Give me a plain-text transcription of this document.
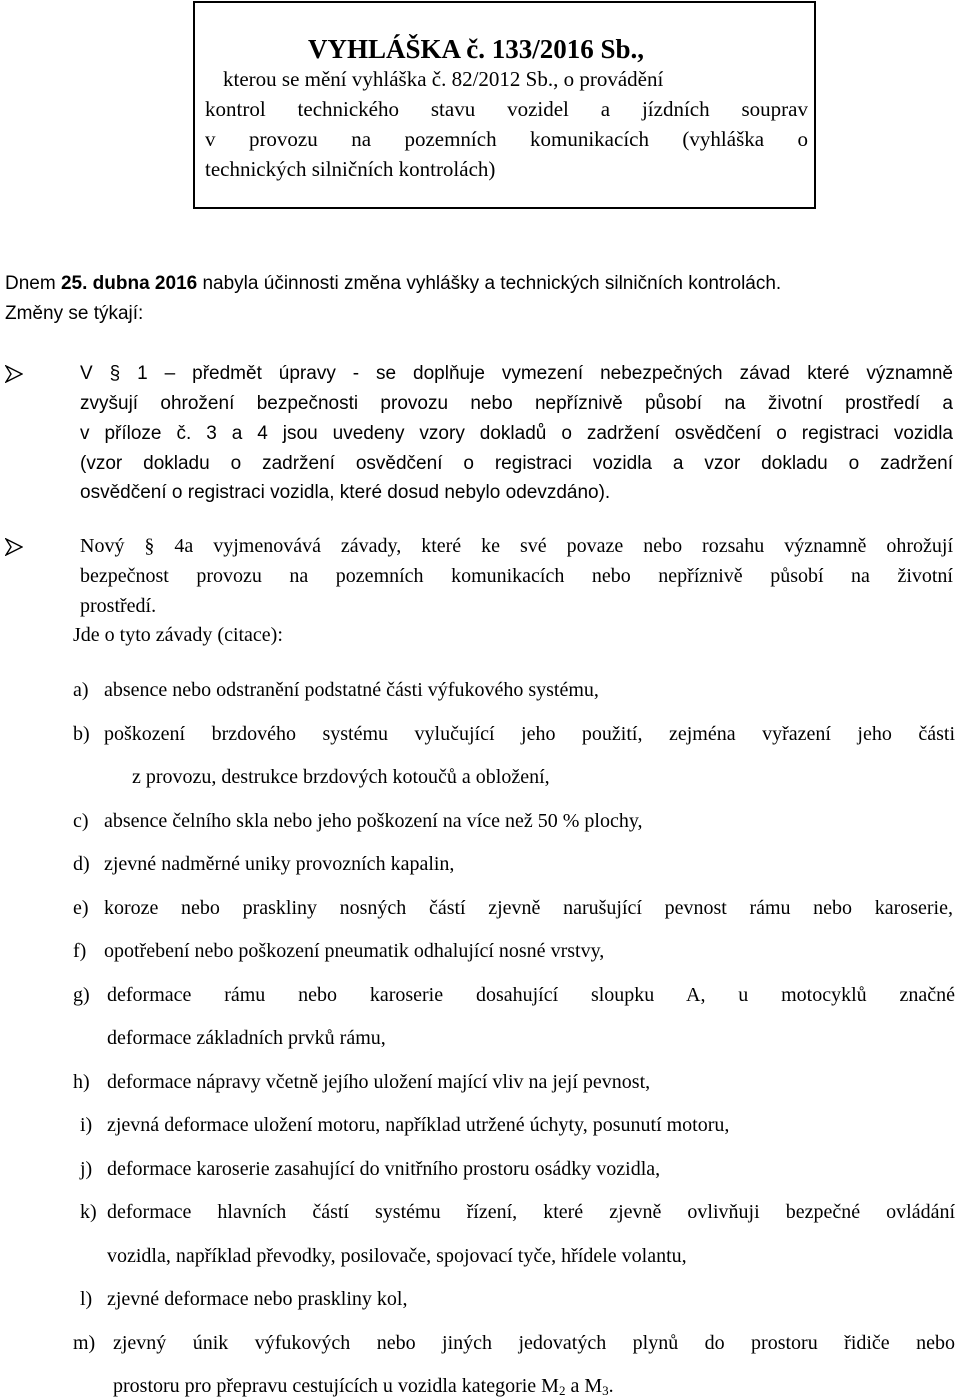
VYHLÁŠKA č. 133/2016 Sb.,
kterou se mění vyhláška č. 82/2012 Sb., o provádění
kontrol technického stavu vozidel a jízdních souprav
v provozu na pozemních komunikacích (vyhláška o
technických silničních kontrolách)
Dnem 25. dubna 2016 nabyla účinnosti změna vyhlášky a technických silničních kontrolách.
Změny se týkají:
V § 1 – předmět úpravy - se doplňuje vymezení nebezpečných závad které významně
zvyšují ohrožení bezpečnosti provozu nebo nepříznivě působí na životní prostředí a
v příloze č. 3 a 4 jsou uvedeny vzory dokladů o zadržení osvědčení o registraci vozidla
(vzor dokladu o zadržení osvědčení o registraci vozidla a vzor dokladu o zadržení
osvědčení o registraci vozidla, které dosud nebylo odevzdáno).
Nový § 4a vyjmenovává závady, které ke své povaze nebo rozsahu významně ohrožují
bezpečnost provozu na pozemních komunikacích nebo nepříznivě působí na životní
prostředí.
Jde o tyto závady (citace):
a) absence nebo odstranění podstatné části výfukového systému,
b) poškození brzdového systému vylučující jeho použití, zejména vyřazení jeho části
z provozu, destrukce brzdových kotoučů a obložení,
c) absence čelního skla nebo jeho poškození na více než 50 % plochy,
d) zjevné nadměrné uniky provozních kapalin,
e) koroze nebo praskliny nosných částí zjevně narušující pevnost rámu nebo karoserie,
f) opotřebení nebo poškození pneumatik odhalující nosné vrstvy,
g) deformace rámu nebo karoserie dosahující sloupku A, u motocyklů značné
deformace základních prvků rámu,
h) deformace nápravy včetně jejího uložení mající vliv na její pevnost,
i) zjevná deformace uložení motoru, například utržené úchyty, posunutí motoru,
j) deformace karoserie zasahující do vnitřního prostoru osádky vozidla,
k) deformace hlavních částí systému řízení, které zjevně ovlivňuji bezpečné ovládání
vozidla, například převodky, posilovače, spojovací tyče, hřídele volantu,
l) zjevné deformace nebo praskliny kol,
m) zjevný únik výfukových nebo jiných jedovatých plynů do prostoru řidiče nebo
prostoru pro přepravu cestujících u vozidla kategorie $M_2$ a $M_3$.
